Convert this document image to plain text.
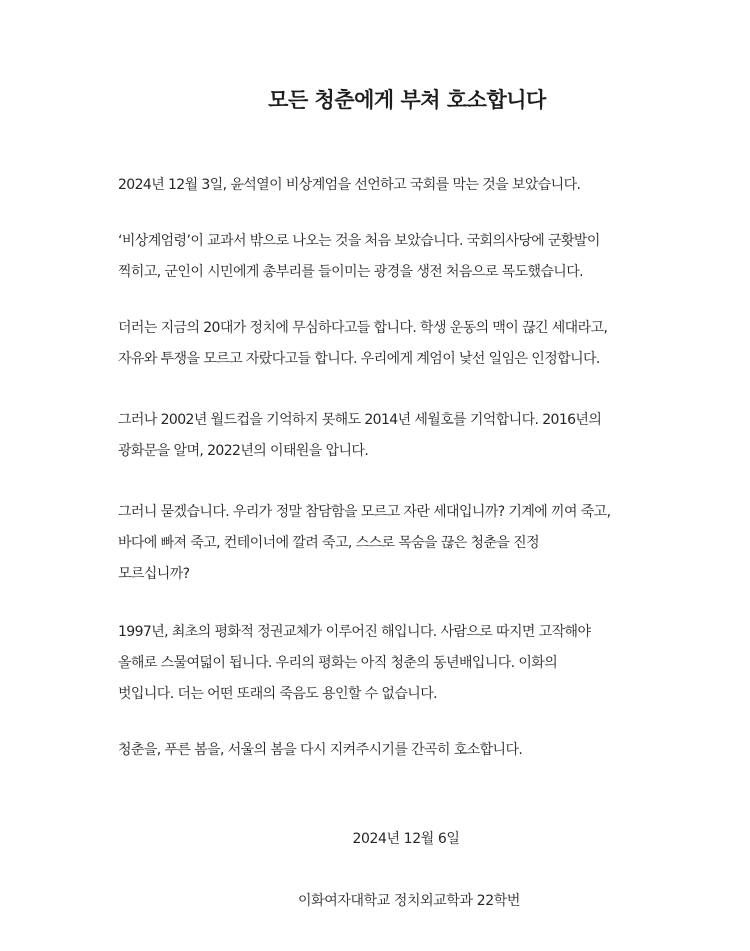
모든 청춘에게 부쳐 호소합니다

2024년 12월 3일, 윤석열이 비상계엄을 선언하고 국회를 막는 것을 보았습니다.

‘비상계엄령’이 교과서 밖으로 나오는 것을 처음 보았습니다. 국회의사당에 군홧발이
찍히고, 군인이 시민에게 총부리를 들이미는 광경을 생전 처음으로 목도했습니다.

더러는 지금의 20대가 정치에 무심하다고들 합니다. 학생 운동의 맥이 끊긴 세대라고,
자유와 투쟁을 모르고 자랐다고들 합니다. 우리에게 계엄이 낯선 일임은 인정합니다.

그러나 2002년 월드컵을 기억하지 못해도 2014년 세월호를 기억합니다. 2016년의
광화문을 알며, 2022년의 이태원을 압니다.

그러니 묻겠습니다. 우리가 정말 참담함을 모르고 자란 세대입니까? 기계에 끼여 죽고,
바다에 빠져 죽고, 컨테이너에 깔려 죽고, 스스로 목숨을 끊은 청춘을 진정
모르십니까?

1997년, 최초의 평화적 정권교체가 이루어진 해입니다. 사람으로 따지면 고작해야
올해로 스물여덟이 됩니다. 우리의 평화는 아직 청춘의 동년배입니다. 이화의
벗입니다. 더는 어떤 또래의 죽음도 용인할 수 없습니다.

청춘을, 푸른 봄을, 서울의 봄을 다시 지켜주시기를 간곡히 호소합니다.

2024년 12월 6일

이화여자대학교 정치외교학과 22학번
